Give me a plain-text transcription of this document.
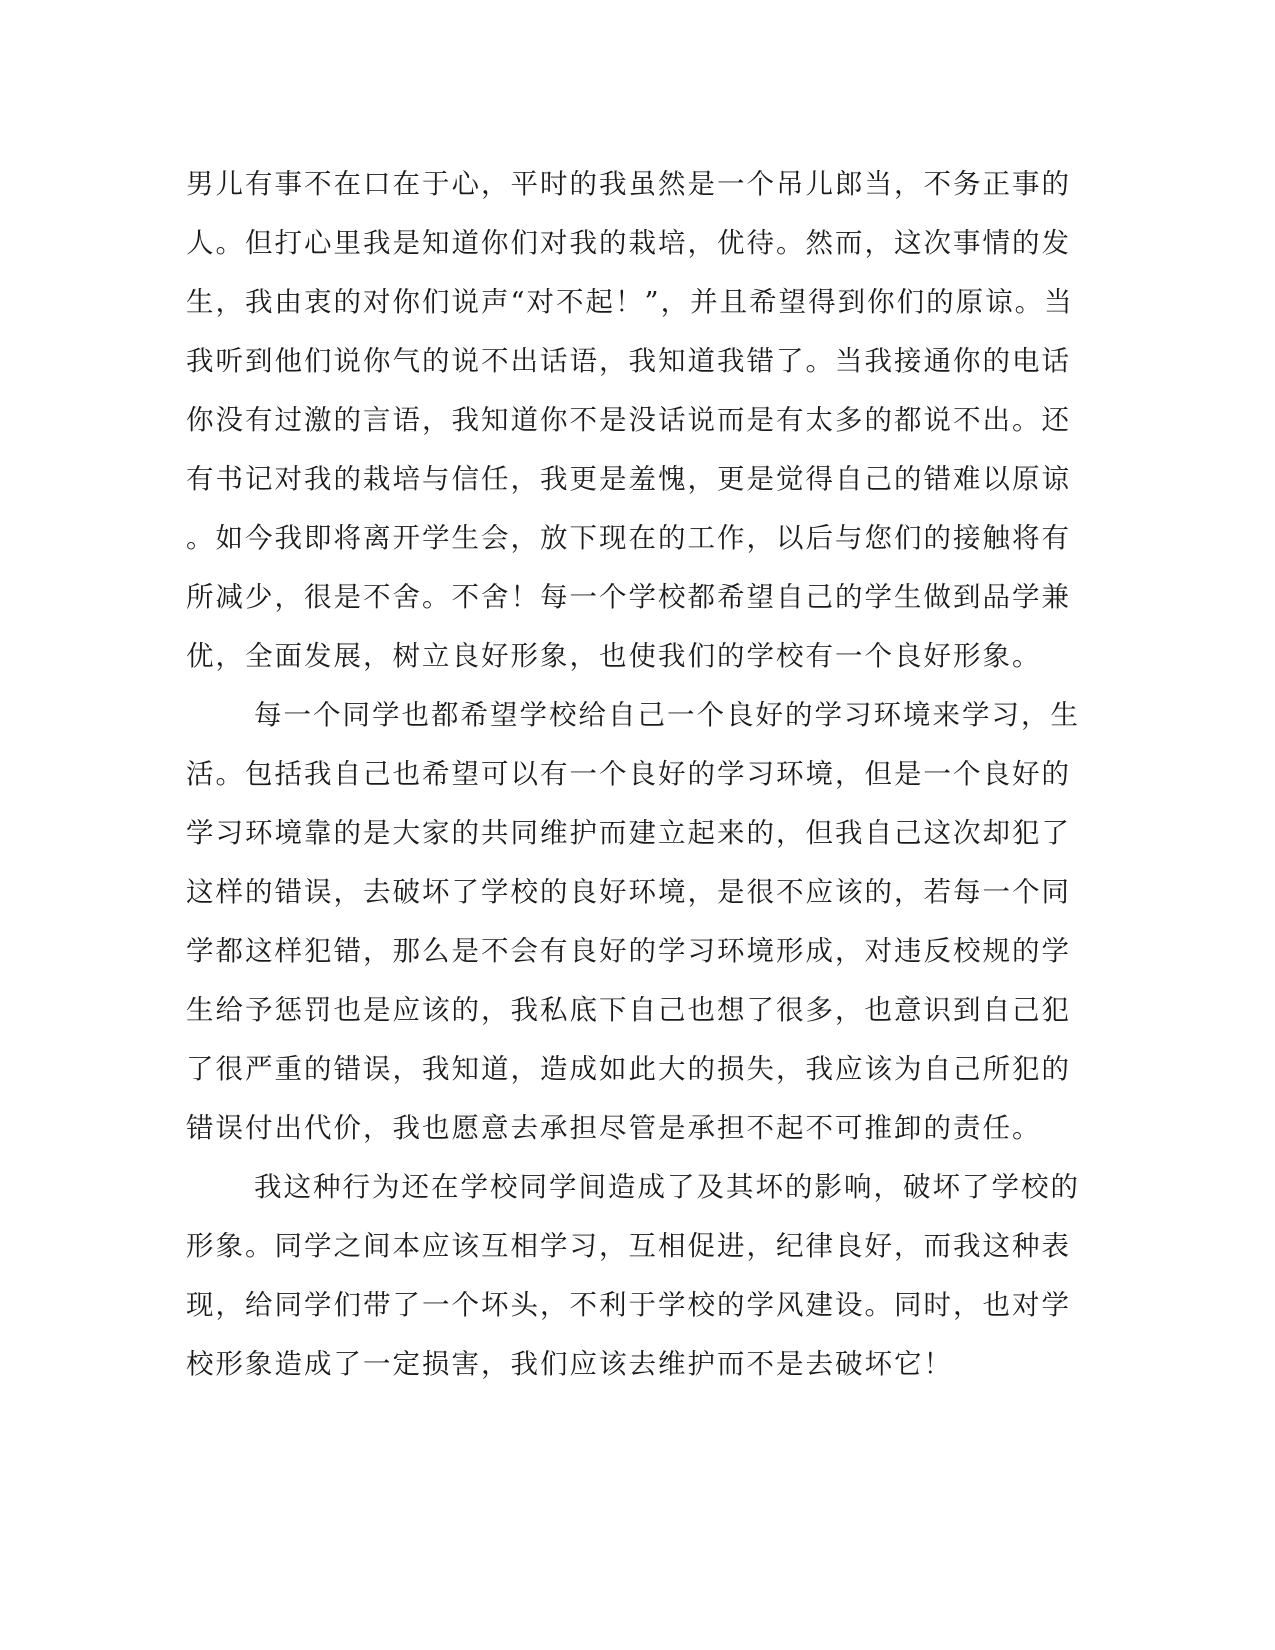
男儿有事不在口在于心，平时的我虽然是一个吊儿郎当，不务正事的
人。但打心里我是知道你们对我的栽培，优待。然而，这次事情的发
生，我由衷的对你们说声“对不起！”，并且希望得到你们的原谅。当
我听到他们说你气的说不出话语，我知道我错了。当我接通你的电话
你没有过激的言语，我知道你不是没话说而是有太多的都说不出。还
有书记对我的栽培与信任，我更是羞愧，更是觉得自己的错难以原谅
。如今我即将离开学生会，放下现在的工作，以后与您们的接触将有
所减少，很是不舍。不舍！每一个学校都希望自己的学生做到品学兼
优，全面发展，树立良好形象，也使我们的学校有一个良好形象。
每一个同学也都希望学校给自己一个良好的学习环境来学习，生
活。包括我自己也希望可以有一个良好的学习环境，但是一个良好的
学习环境靠的是大家的共同维护而建立起来的，但我自己这次却犯了
这样的错误，去破坏了学校的良好环境，是很不应该的，若每一个同
学都这样犯错，那么是不会有良好的学习环境形成，对违反校规的学
生给予惩罚也是应该的，我私底下自己也想了很多，也意识到自己犯
了很严重的错误，我知道，造成如此大的损失，我应该为自己所犯的
错误付出代价，我也愿意去承担尽管是承担不起不可推卸的责任。
我这种行为还在学校同学间造成了及其坏的影响，破坏了学校的
形象。同学之间本应该互相学习，互相促进，纪律良好，而我这种表
现，给同学们带了一个坏头，不利于学校的学风建设。同时，也对学
校形象造成了一定损害，我们应该去维护而不是去破坏它！
